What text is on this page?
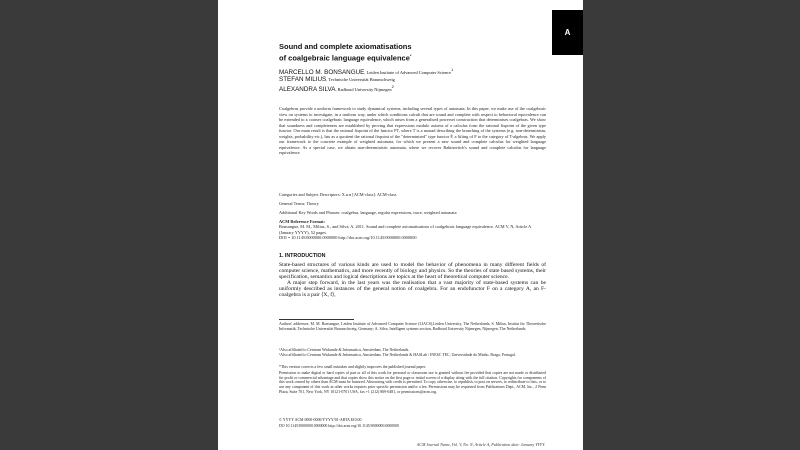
Sound and complete axiomatisations
of coalgebraic language equivalence*
MARCELLO M. BONSANGUE, Leiden Institute of Advanced Computer Science$^1$
STEFAN MILIUS, Technische Universität Braunschweig
ALEXANDRA SILVA, Radboud University Nijmegen$^2$

Coalgebras provide a uniform framework to study dynamical systems, including several types of automata. In this paper, we make use of the coalgebraic view on systems to investigate, in a uniform way, under which conditions calculi that are sound and complete with respect to behavioral equivalence can be extended to a coarser coalgebraic language equivalence, which arises from a generalised powerset construction that determinises coalgebras. We show that soundness and completeness are established by proving that expressions modulo axioms of a calculus form the rational fixpoint of the given type functor. Our main result is that the rational fixpoint of the functor FT, where T is a monad describing the branching of the systems (e.g. non-determinism, weights, probability etc.), has as a quotient the rational fixpoint of the "determinised" type functor F̄, a lifting of F to the category of T-algebras. We apply our framework to the concrete example of weighted automata, for which we present a new sound and complete calculus for weighted language equivalence. As a special case, we obtain non-deterministic automata, where we recover Rabinovitch's sound and complete calculus for language equivalence.

Categories and Subject Descriptors: X.n.n [ACM-class]: ACM-class
General Terms: Theory
Additional Key Words and Phrases: coalgebra, language, regular expressions, trace, weighted automata
ACM Reference Format:
Bonsangue, M. M., Milius, S., and Silva, A. 2011. Sound and complete axiomatisations of coalgebraic language equivalence. ACM V, N, Article A (January YYYY), 52 pages.
DOI = 10.1145/0000000.0000000 http://doi.acm.org/10.1145/0000000.0000000
1. INTRODUCTION

State-based structures of various kinds are used to model the behavior of phenomena in many different fields of computer science, mathematics, and more recently of biology and physics. So the theories of state based systems, their specification, semantics and logical descriptions are topics at the heart of theoretical computer science.

A major step forward, in the last years was the realisation that a vast majority of state-based systems can be uniformly described as instances of the general notion of coalgebra. For an endofunctor F on a category A, an F-coalgebra is a pair ⟨X, f⟩,

Authors' addresses: M. M. Bonsangue, Leiden Institute of Advanced Computer Science (LIACS),Leiden University, The Netherlands; S. Milius, Institut für Theoretische Informatik, Technische Universität Braunschweig, Germany; A. Silva, Intelligent systems section, Radboud University Nijmegen, Nijmegen, The Netherlands.

¹Also affiliated to Centrum Wiskunde & Informatica, Amsterdam, The Netherlands.

²Also affiliated to Centrum Wiskunde & Informatica, Amsterdam, The Netherlands & HASLab / INESC TEC, Universidade do Minho, Braga, Portugal.

*This version corrects a few small mistakes and slightly improves the published journal paper.

Permission to make digital or hard copies of part or all of this work for personal or classroom use is granted without fee provided that copies are not made or distributed for profit or commercial advantage and that copies show this notice on the first page or initial screen of a display along with the full citation. Copyrights for components of this work owned by others than ACM must be honored. Abstracting with credit is permitted. To copy otherwise, to republish, to post on servers, to redistribute to lists, or to use any component of this work in other works requires prior specific permission and/or a fee. Permissions may be requested from Publications Dept., ACM, Inc., 2 Penn Plaza, Suite 701, New York, NY 10121-0701 USA, fax +1 (212) 869-0481, or permissions@acm.org.

© YYYY ACM 0000-0000/YYYY/01-ARTA $10.00

DO 10.1145/0000000.0000000 http://doi.acm.org/10.1145/0000000.0000000

ACM Journal Name, Vol. V, No. N, Article A, Publication date: January YYYY.
A
